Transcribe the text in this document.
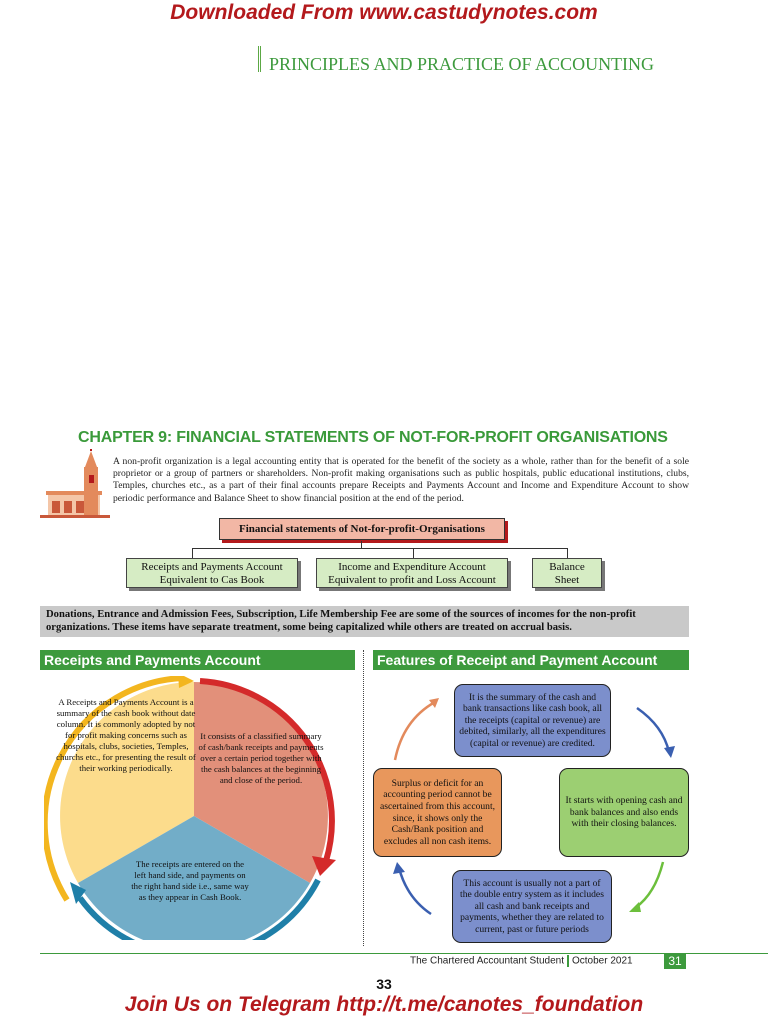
Downloaded From www.castudynotes.com
PRINCIPLES AND PRACTICE OF ACCOUNTING
CHAPTER 9: FINANCIAL STATEMENTS OF NOT-FOR-PROFIT ORGANISATIONS
A non-profit organization is a legal accounting entity that is operated for the benefit of the society as a whole, rather than for the benefit of a sole proprietor or a group of partners or shareholders. Non-profit making organisations such as public hospitals, public educational institutions, clubs, Temples, churches etc., as a part of their final accounts prepare Receipts and Payments Account and Income and Expenditure Account to show periodic performance and Balance Sheet to show financial position at the end of the period.
Financial statements of Not-for-profit-Organisations
Receipts and Payments Account
Equivalent to Cas Book
Income and Expenditure Account
Equivalent to profit and Loss Account
Balance
Sheet
Donations, Entrance and Admission Fees, Subscription, Life Membership Fee are some of the sources of incomes for the non-profit organizations. These items have separate treatment, some being capitalized while others are treated on accrual basis.
Receipts and Payments Account	Features of Receipt and Payment Account
A Receipts and Payments Account is a summary of the cash book without date column. It is commonly adopted by not for profit making concerns such as hospitals, clubs, societies, Temples, churchs etc., for presenting the result of their working periodically.
It consists of a classified summary of cash/bank receipts and payments over a certain period together with the cash balances at the beginning and close of the period.
The receipts are entered on the left hand side, and payments on the right hand side i.e., same way as they appear in Cash Book.
It is the summary of the cash and bank transactions like cash book, all the receipts (capital or revenue) are debited, similarly, all the expenditures (capital or revenue) are credited.
It starts with opening cash and bank balances and also ends with their closing balances.
This account is usually not a part of the double entry system as it includes all cash and bank receipts and payments, whether they are related to current, past or future periods
Surplus or deficit for an accounting period cannot be ascertained from this account, since, it shows only the Cash/Bank position and excludes all non cash items.
The Chartered Accountant Student October 2021	31
33
Join Us on Telegram http://t.me/canotes_foundation
